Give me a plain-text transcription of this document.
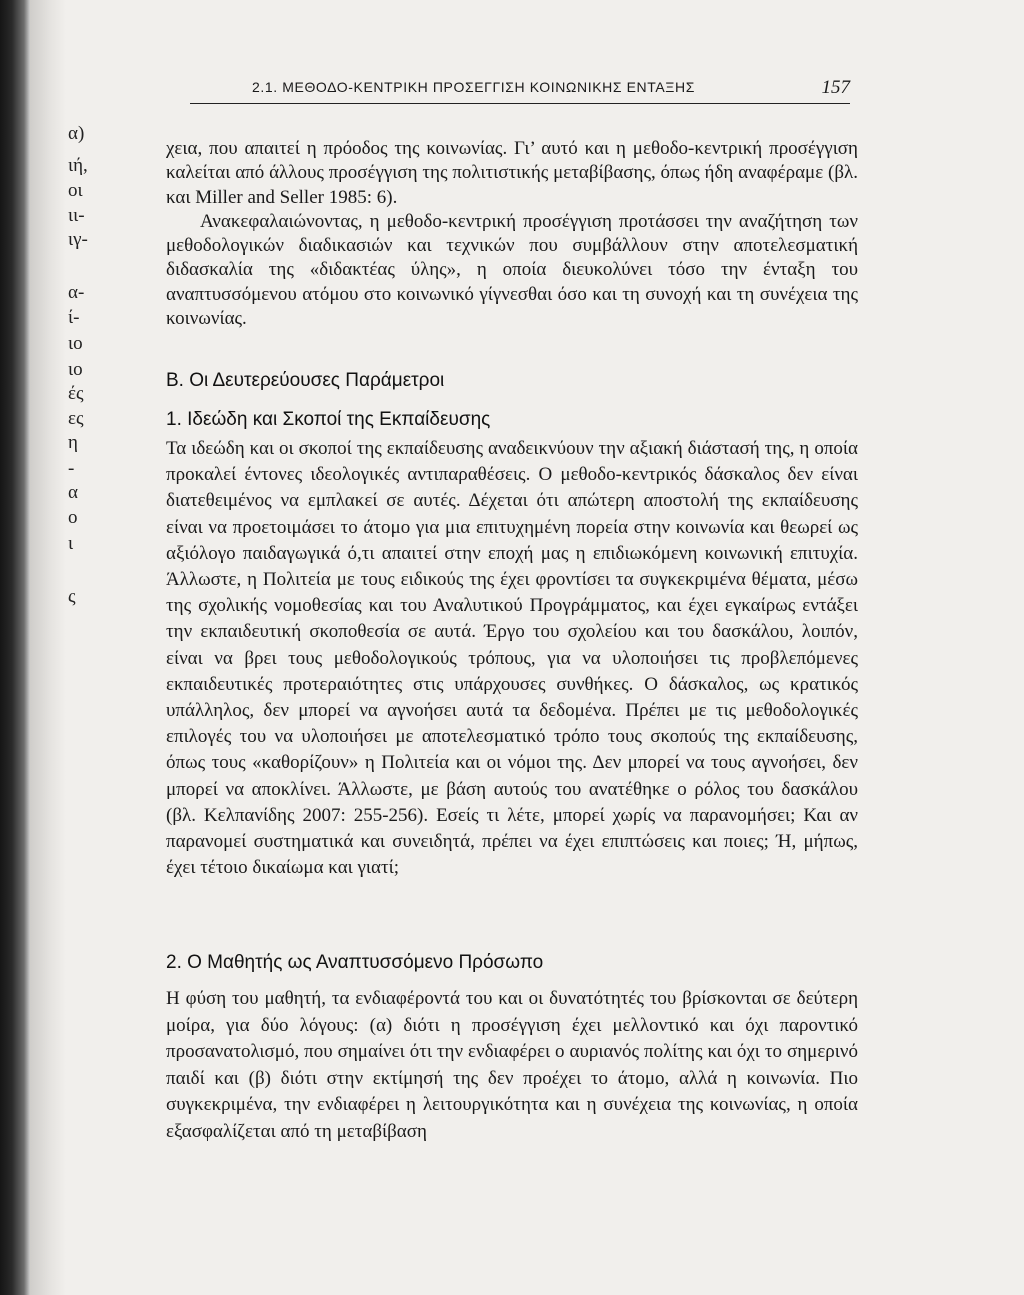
α)
ιή,
οι
ιι-
ιγ-
α-
ί-
ιο
ιο
ές
ες
η
-
α
ο
ι
ς
2.1. ΜΕΘΟΔΟ-ΚΕΝΤΡΙΚΗ ΠΡΟΣΕΓΓΙΣΗ ΚΟΙΝΩΝΙΚΗΣ ΕΝΤΑΞΗΣ	157

χεια, που απαιτεί η πρόοδος της κοινωνίας. Γι’ αυτό και η μεθοδο-κεντρική προσέγγιση καλείται από άλλους προσέγγιση της πολιτιστικής μεταβίβασης, όπως ήδη αναφέραμε (βλ. και Miller and Seller 1985: 6).

Ανακεφαλαιώνοντας, η μεθοδο-κεντρική προσέγγιση προτάσσει την αναζήτηση των μεθοδολογικών διαδικασιών και τεχνικών που συμβάλλουν στην αποτελεσματική διδασκαλία της «διδακτέας ύλης», η οποία διευκολύνει τόσο την ένταξη του αναπτυσσόμενου ατόμου στο κοινωνικό γίγνεσθαι όσο και τη συνοχή και τη συνέχεια της κοινωνίας.

Β. Οι Δευτερεύουσες Παράμετροι
1. Ιδεώδη και Σκοποί της Εκπαίδευσης

Τα ιδεώδη και οι σκοποί της εκπαίδευσης αναδεικνύουν την αξιακή διάστασή της, η οποία προκαλεί έντονες ιδεολογικές αντιπαραθέσεις. Ο μεθοδο-κεντρικός δάσκαλος δεν είναι διατεθειμένος να εμπλακεί σε αυτές. Δέχεται ότι απώτερη αποστολή της εκπαίδευσης είναι να προετοιμάσει το άτομο για μια επιτυχημένη πορεία στην κοινωνία και θεωρεί ως αξιόλογο παιδαγωγικά ό,τι απαιτεί στην εποχή μας η επιδιωκόμενη κοινωνική επιτυχία. Άλλωστε, η Πολιτεία με τους ειδικούς της έχει φροντίσει τα συγκεκριμένα θέματα, μέσω της σχολικής νομοθεσίας και του Αναλυτικού Προγράμματος, και έχει εγκαίρως εντάξει την εκπαιδευτική σκοποθεσία σε αυτά. Έργο του σχολείου και του δασκάλου, λοιπόν, είναι να βρει τους μεθοδολογικούς τρόπους, για να υλοποιήσει τις προβλεπόμενες εκπαιδευτικές προτεραιότητες στις υπάρχουσες συνθήκες. Ο δάσκαλος, ως κρατικός υπάλληλος, δεν μπορεί να αγνοήσει αυτά τα δεδομένα. Πρέπει με τις μεθοδολογικές επιλογές του να υλοποιήσει με αποτελεσματικό τρόπο τους σκοπούς της εκπαίδευσης, όπως τους «καθορίζουν» η Πολιτεία και οι νόμοι της. Δεν μπορεί να τους αγνοήσει, δεν μπορεί να αποκλίνει. Άλλωστε, με βάση αυτούς του ανατέθηκε ο ρόλος του δασκάλου (βλ. Κελπανίδης 2007: 255-256). Εσείς τι λέτε, μπορεί χωρίς να παρανομήσει; Και αν παρανομεί συστηματικά και συνειδητά, πρέπει να έχει επιπτώσεις και ποιες; Ή, μήπως, έχει τέτοιο δικαίωμα και γιατί;

2. Ο Μαθητής ως Αναπτυσσόμενο Πρόσωπο

Η φύση του μαθητή, τα ενδιαφέροντά του και οι δυνατότητές του βρίσκονται σε δεύτερη μοίρα, για δύο λόγους: (α) διότι η προσέγγιση έχει μελλοντικό και όχι παροντικό προσανατολισμό, που σημαίνει ότι την ενδιαφέρει ο αυριανός πολίτης και όχι το σημερινό παιδί και (β) διότι στην εκτίμησή της δεν προέχει το άτομο, αλλά η κοινωνία. Πιο συγκεκριμένα, την ενδιαφέρει η λειτουργικότητα και η συνέχεια της κοινωνίας, η οποία εξασφαλίζεται από τη μεταβίβαση
